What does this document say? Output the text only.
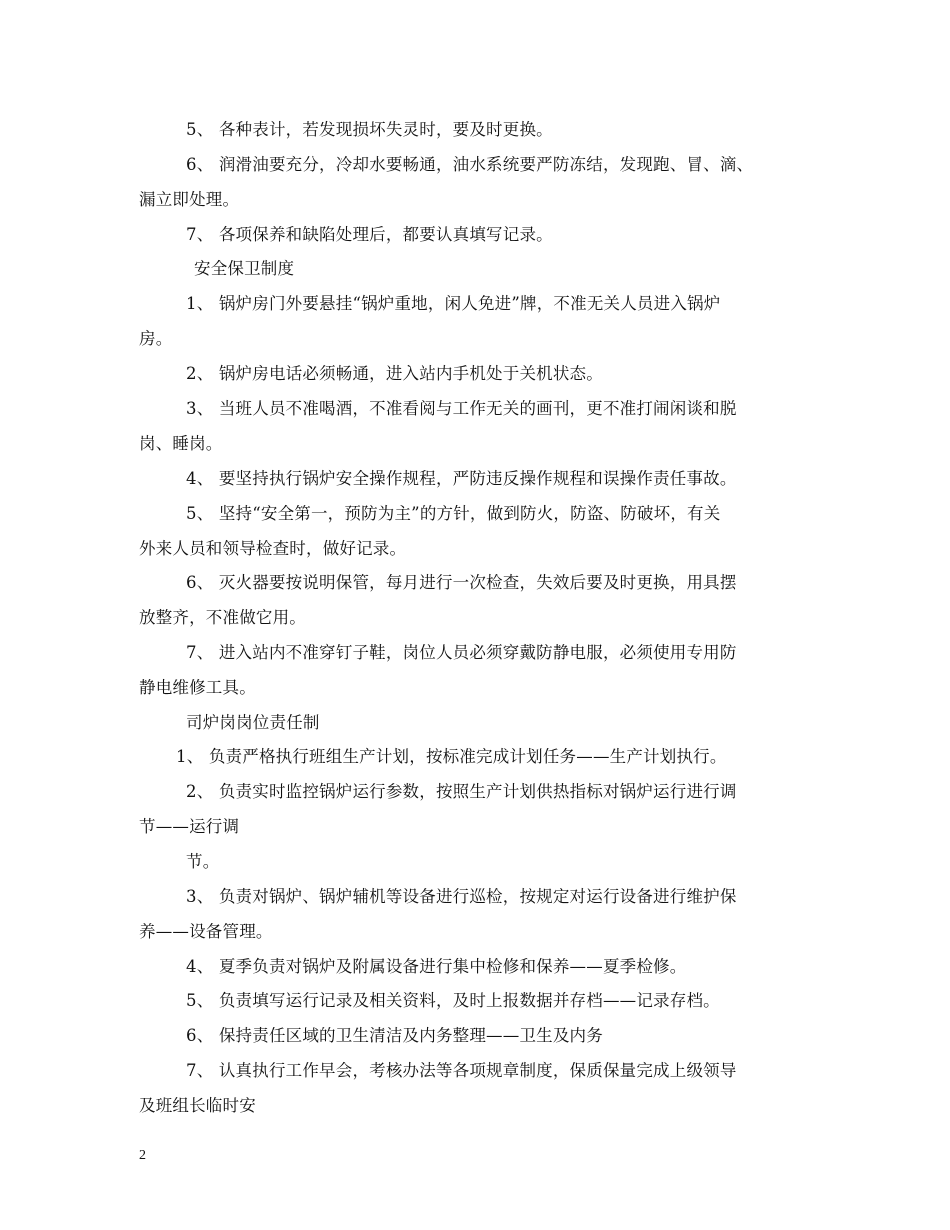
5、 各种表计，若发现损坏失灵时，要及时更换。
6、 润滑油要充分，冷却水要畅通，油水系统要严防冻结，发现跑、冒、滴、
漏立即处理。
7、 各项保养和缺陷处理后，都要认真填写记录。
安全保卫制度
1、 锅炉房门外要悬挂“锅炉重地，闲人免进”牌，不准无关人员进入锅炉
房。
2、 锅炉房电话必须畅通，进入站内手机处于关机状态。
3、 当班人员不准喝酒，不准看阅与工作无关的画刊，更不准打闹闲谈和脱
岗、睡岗。
4、 要坚持执行锅炉安全操作规程，严防违反操作规程和误操作责任事故。
5、 坚持“安全第一，预防为主”的方针，做到防火，防盗、防破坏，有关
外来人员和领导检查时，做好记录。
6、 灭火器要按说明保管，每月进行一次检查，失效后要及时更换，用具摆
放整齐，不准做它用。
7、 进入站内不准穿钉子鞋，岗位人员必须穿戴防静电服，必须使用专用防
静电维修工具。
司炉岗岗位责任制
1、 负责严格执行班组生产计划，按标准完成计划任务——生产计划执行。
2、 负责实时监控锅炉运行参数，按照生产计划供热指标对锅炉运行进行调
节——运行调
节。
3、 负责对锅炉、锅炉辅机等设备进行巡检，按规定对运行设备进行维护保
养——设备管理。
4、 夏季负责对锅炉及附属设备进行集中检修和保养——夏季检修。
5、 负责填写运行记录及相关资料，及时上报数据并存档——记录存档。
6、 保持责任区域的卫生清洁及内务整理——卫生及内务
7、 认真执行工作早会，考核办法等各项规章制度，保质保量完成上级领导
及班组长临时安
2
